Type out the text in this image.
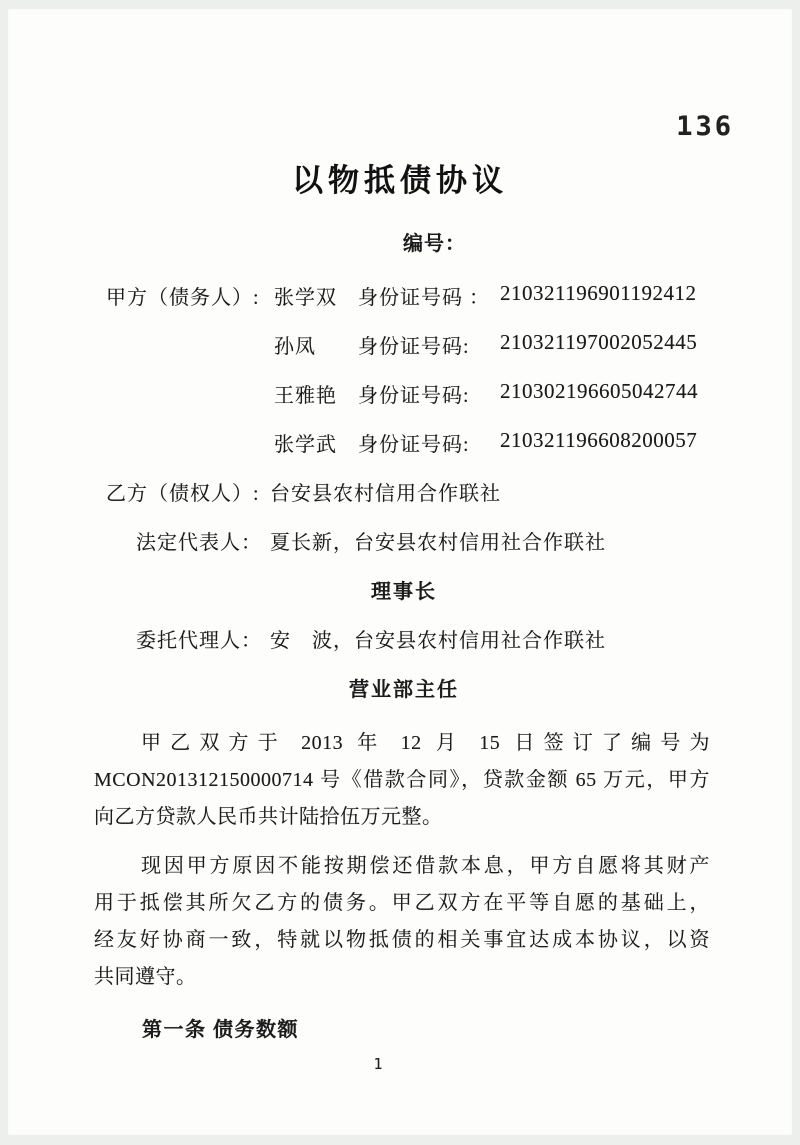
136
以物抵债协议
编号：
甲方（债务人）: 张学双 身份证号码 ： 210321196901192412
孙凤 身份证号码: 210321197002052445
王雅艳 身份证号码: 210302196605042744
张学武 身份证号码: 210321196608200057
乙方（债权人）: 台安县农村信用合作联社
法定代表人： 夏长新，台安县农村信用社合作联社
理事长
委托代理人： 安　波，台安县农村信用社合作联社
营业部主任
甲乙双方于 2013 年 12 月 15 日签订了编号为
MCON201312150000714 号《借款合同》，贷款金额 65 万元，甲方
向乙方贷款人民币共计陆拾伍万元整。
现因甲方原因不能按期偿还借款本息，甲方自愿将其财产
用于抵偿其所欠乙方的债务。甲乙双方在平等自愿的基础上，
经友好协商一致，特就以物抵债的相关事宜达成本协议，以资
共同遵守。
第一条 债务数额
1
